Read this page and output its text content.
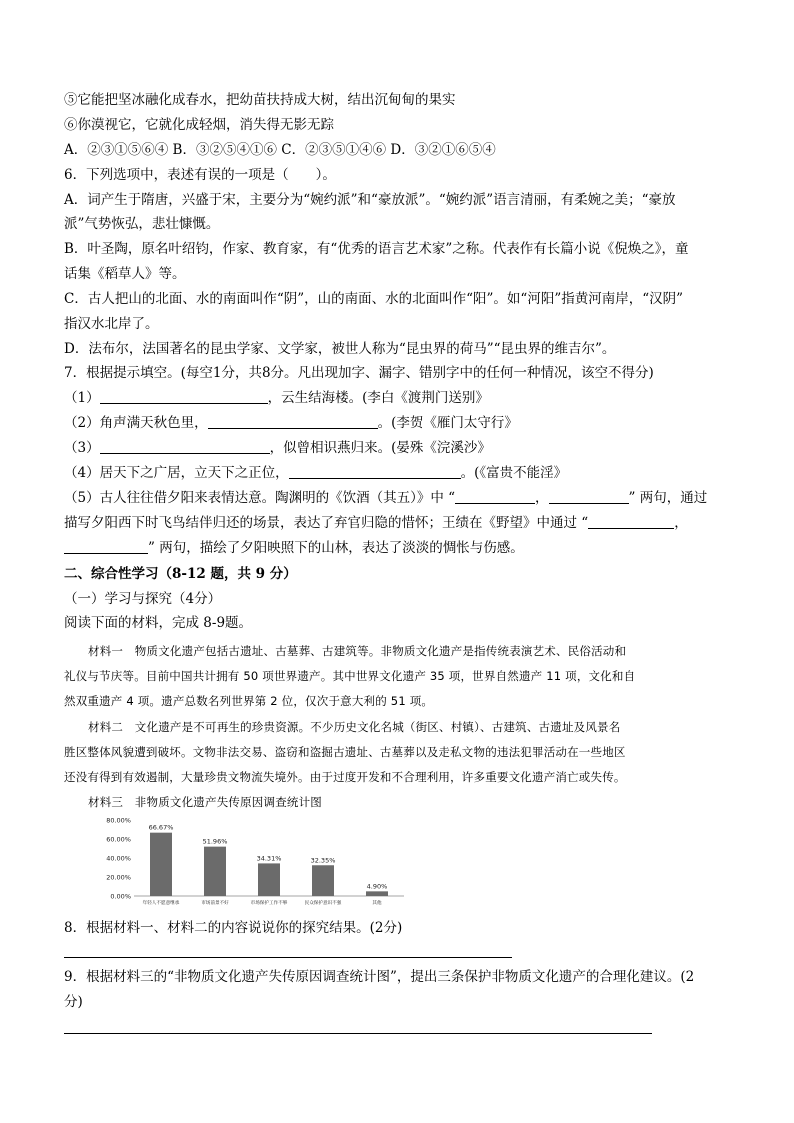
⑤它能把坚冰融化成春水，把幼苗扶持成大树，结出沉甸甸的果实
⑥你漠视它，它就化成轻烟，消失得无影无踪
A．②③①⑤⑥④ B．③②⑤④①⑥ C．②③⑤①④⑥ D．③②①⑥⑤④
6．下列选项中，表述有误的一项是（　　）。
A．词产生于隋唐，兴盛于宋，主要分为“婉约派”和“豪放派”。“婉约派”语言清丽，有柔婉之美；“豪放
派”气势恢弘，悲壮慷慨。
B．叶圣陶，原名叶绍钧，作家、教育家，有“优秀的语言艺术家”之称。代表作有长篇小说《倪焕之》，童
话集《稻草人》等。
C．古人把山的北面、水的南面叫作“阴”，山的南面、水的北面叫作“阳”。如“河阳”指黄河南岸，“汉阴”
指汉水北岸了。
D．法布尔，法国著名的昆虫学家、文学家，被世人称为“昆虫界的荷马”“昆虫界的维吉尔”。
7．根据提示填空。(每空1分，共8分。凡出现加字、漏字、错别字中的任何一种情况，该空不得分)
（1）	，云生结海楼。(李白《渡荆门送别》
（2）角声满天秋色里，	。(李贺《雁门太守行》
（3）	，似曾相识燕归来。(晏殊《浣溪沙》
（4）居天下之广居，立天下之正位，	。(《富贵不能淫》
（5）古人往往借夕阳来表情达意。陶渊明的《饮酒（其五）》中 “	，	” 两句，通过
描写夕阳西下时飞鸟结伴归还的场景，表达了弃官归隐的惜怀；王绩在《野望》中通过 “	，
” 两句，描绘了夕阳映照下的山林，表达了淡淡的惆怅与伤感。
二、综合性学习（8-12 题，共 9 分）
（一）学习与探究（4分）
阅读下面的材料，完成 8-9题。
材料一　物质文化遗产包括古遗址、古墓葬、古建筑等。非物质文化遗产是指传统表演艺术、民俗活动和
礼仪与节庆等。目前中国共计拥有 50 项世界遗产。其中世界文化遗产 35 项，世界自然遗产 11 项，文化和自
然双重遗产 4 项。遗产总数名列世界第 2 位，仅次于意大利的 51 项。
材料二　文化遗产是不可再生的珍贵资源。不少历史文化名城（街区、村镇）、古建筑、古遗址及风景名
胜区整体风貌遭到破坏。文物非法交易、盗窃和盗掘古遗址、古墓葬以及走私文物的违法犯罪活动在一些地区
还没有得到有效遏制，大量珍贵文物流失境外。由于过度开发和不合理利用，许多重要文化遗产消亡或失传。
材料三　非物质文化遗产失传原因调查统计图
80.00%
60.00%
40.00%
20.00%
0.00%
66.67%
年轻人不愿意继承
51.96%
市场前景不好
34.31%
市场保护工作不够
32.35%
民众保护意识不强
4.90%
其他
8．根据材料一、材料二的内容说说你的探究结果。(2分)
9．根据材料三的“非物质文化遗产失传原因调查统计图”，提出三条保护非物质文化遗产的合理化建议。(2
分)
